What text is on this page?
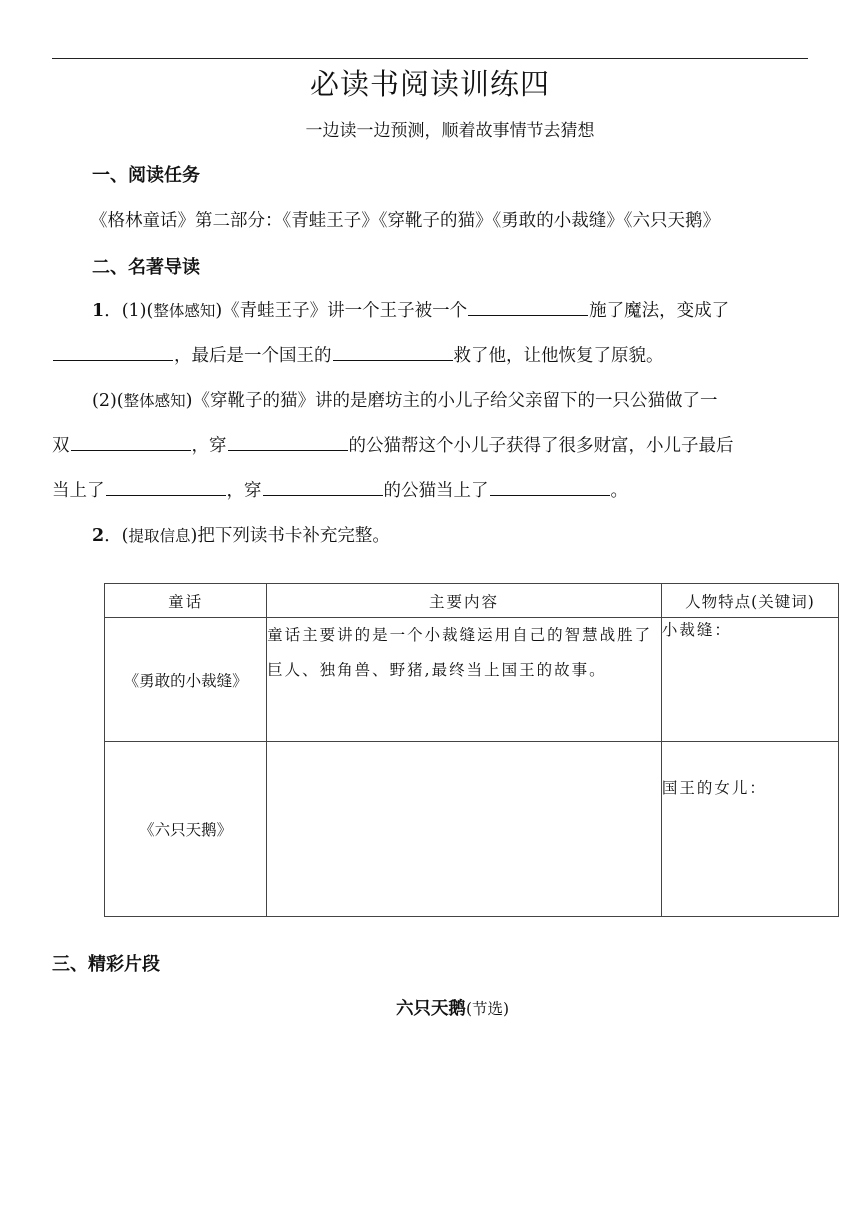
必读书阅读训练四
一边读一边预测，顺着故事情节去猜想
一、阅读任务
《格林童话》第二部分：《青蛙王子》《穿靴子的猫》《勇敢的小裁缝》《六只天鹅》
二、名著导读
1．(1)(整体感知)《青蛙王子》讲一个王子被一个	施了魔法，变成了
，最后是一个国王的	救了他，让他恢复了原貌。
(2)(整体感知)《穿靴子的猫》讲的是磨坊主的小儿子给父亲留下的一只公猫做了一
双	，穿	的公猫帮这个小儿子获得了很多财富，小儿子最后
当上了	，穿	的公猫当上了	。
2．(提取信息)把下列读书卡补充完整。
童话	主要内容	人物特点(关键词)
《勇敢的小裁缝》	童话主要讲的是一个小裁缝运用自己的智慧战胜了巨人、独角兽、野猪,最终当上国王的故事。	小裁缝：
《六只天鹅》		国王的女儿：
三、精彩片段
六只天鹅(节选)
